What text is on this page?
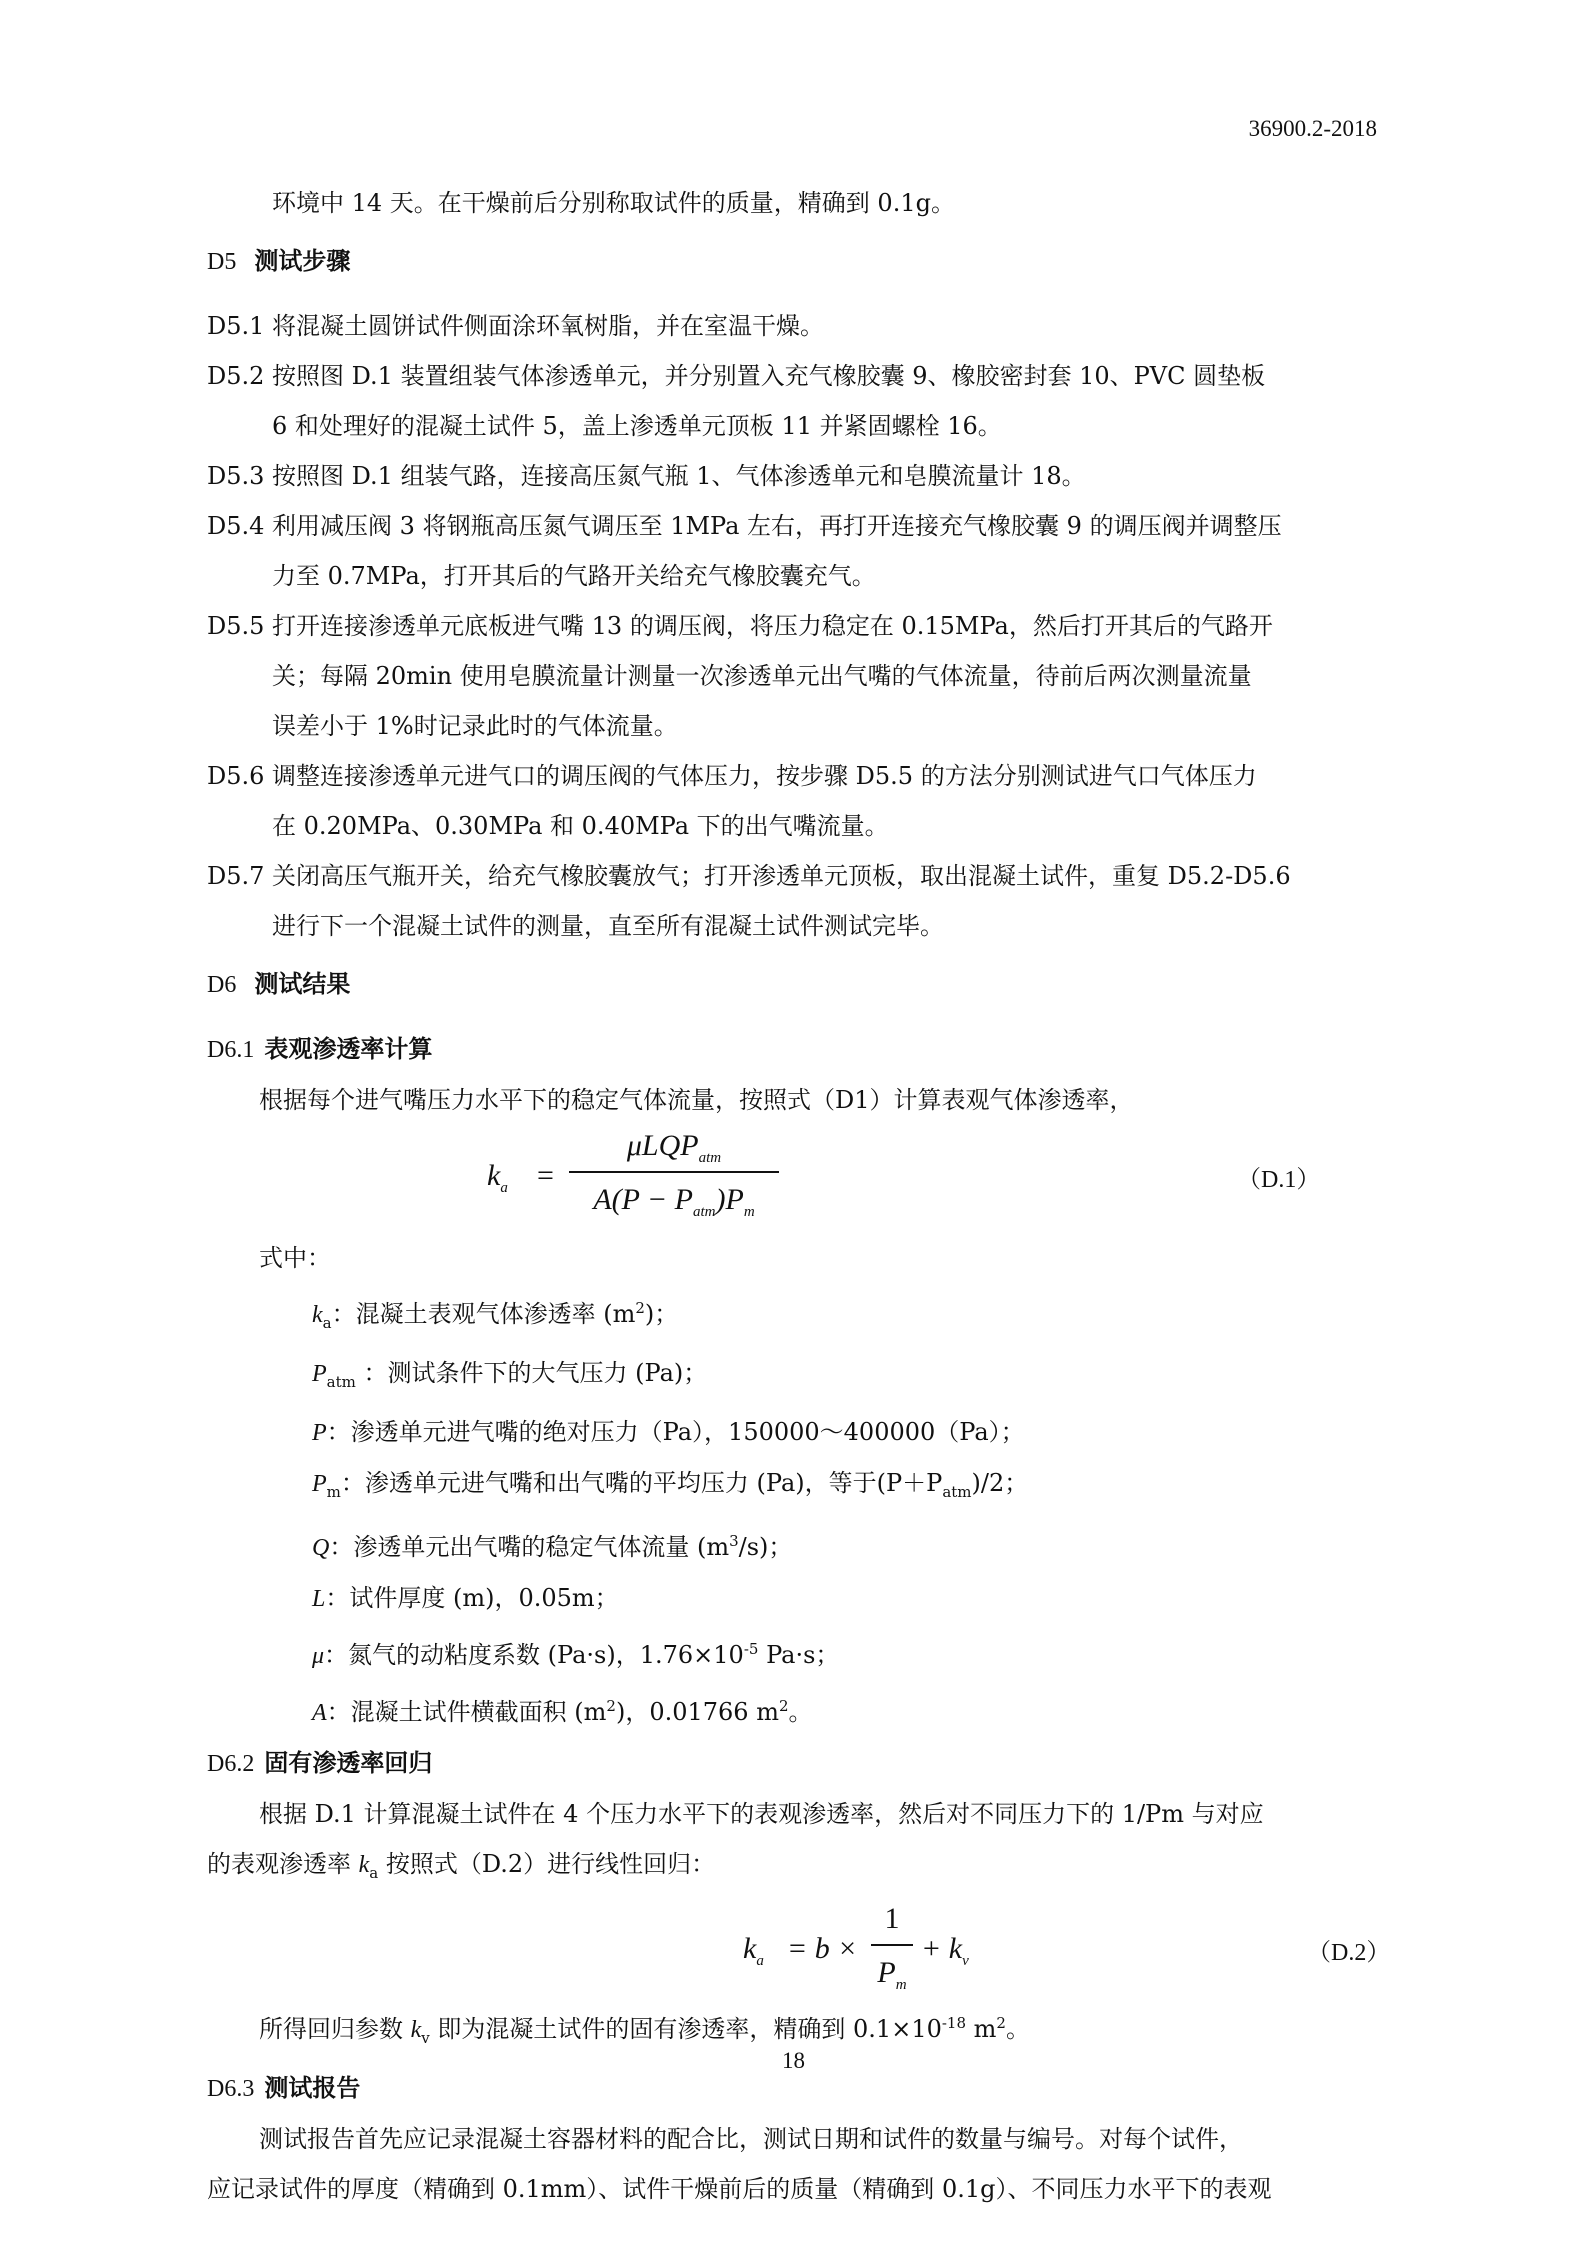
36900.2-2018

环境中 14 天。在干燥前后分别称取试件的质量，精确到 0.1g。

D5 测试步骤

D5.1 将混凝土圆饼试件侧面涂环氧树脂，并在室温干燥。

D5.2 按照图 D.1 装置组装气体渗透单元，并分别置入充气橡胶囊 9、橡胶密封套 10、PVC 圆垫板

6 和处理好的混凝土试件 5，盖上渗透单元顶板 11 并紧固螺栓 16。

D5.3 按照图 D.1 组装气路，连接高压氮气瓶 1、气体渗透单元和皂膜流量计 18。

D5.4 利用减压阀 3 将钢瓶高压氮气调压至 1MPa 左右，再打开连接充气橡胶囊 9 的调压阀并调整压

力至 0.7MPa，打开其后的气路开关给充气橡胶囊充气。

D5.5 打开连接渗透单元底板进气嘴 13 的调压阀，将压力稳定在 0.15MPa，然后打开其后的气路开

关；每隔 20min 使用皂膜流量计测量一次渗透单元出气嘴的气体流量，待前后两次测量流量

误差小于 1%时记录此时的气体流量。

D5.6 调整连接渗透单元进气口的调压阀的气体压力，按步骤 D5.5 的方法分别测试进气口气体压力

在 0.20MPa、0.30MPa 和 0.40MPa 下的出气嘴流量。

D5.7 关闭高压气瓶开关，给充气橡胶囊放气；打开渗透单元顶板，取出混凝土试件，重复 D5.2-D5.6

进行下一个混凝土试件的测量，直至所有混凝土试件测试完毕。

D6 测试结果

D6.1 表观渗透率计算

根据每个进气嘴压力水平下的稳定气体流量，按照式（D1）计算表观气体渗透率，

$k_a$ =
μLQP$_{atm}$
$A(P - P_{atm})P_m$
（D.1）

式中：

$k_a$：混凝土表观气体渗透率 $(m^2)$；

$P_{atm}$ ：测试条件下的大气压力 (Pa)；

P：渗透单元进气嘴的绝对压力（Pa），150000～400000（Pa）；

$P_m$：渗透单元进气嘴和出气嘴的平均压力 (Pa)，等于$(P+P_{atm})/2$；

Q：渗透单元出气嘴的稳定气体流量 $(m^3/s)$；

L：试件厚度 (m)，0.05m；

μ：氮气的动粘度系数 (Pa·s)，$1.76\times 10^{-5}$ Pa·s；

A：混凝土试件横截面积 $(m^2)$，0.01766 $m^2$。

D6.2 固有渗透率回归

根据 D.1 计算混凝土试件在 4 个压力水平下的表观渗透率，然后对不同压力下的 1/Pm 与对应

的表观渗透率 $k_a$ 按照式（D.2）进行线性回归：

$k_a = b$ ×
1
$P_m$
+ $k_v$	（D.2）

所得回归参数 $k_v$ 即为混凝土试件的固有渗透率，精确到 $0.1\times 10^{-18}$ $m^2$。

D6.3 测试报告

测试报告首先应记录混凝土容器材料的配合比，测试日期和试件的数量与编号。对每个试件，

应记录试件的厚度（精确到 0.1mm）、试件干燥前后的质量（精确到 0.1g）、不同压力水平下的表观

18
